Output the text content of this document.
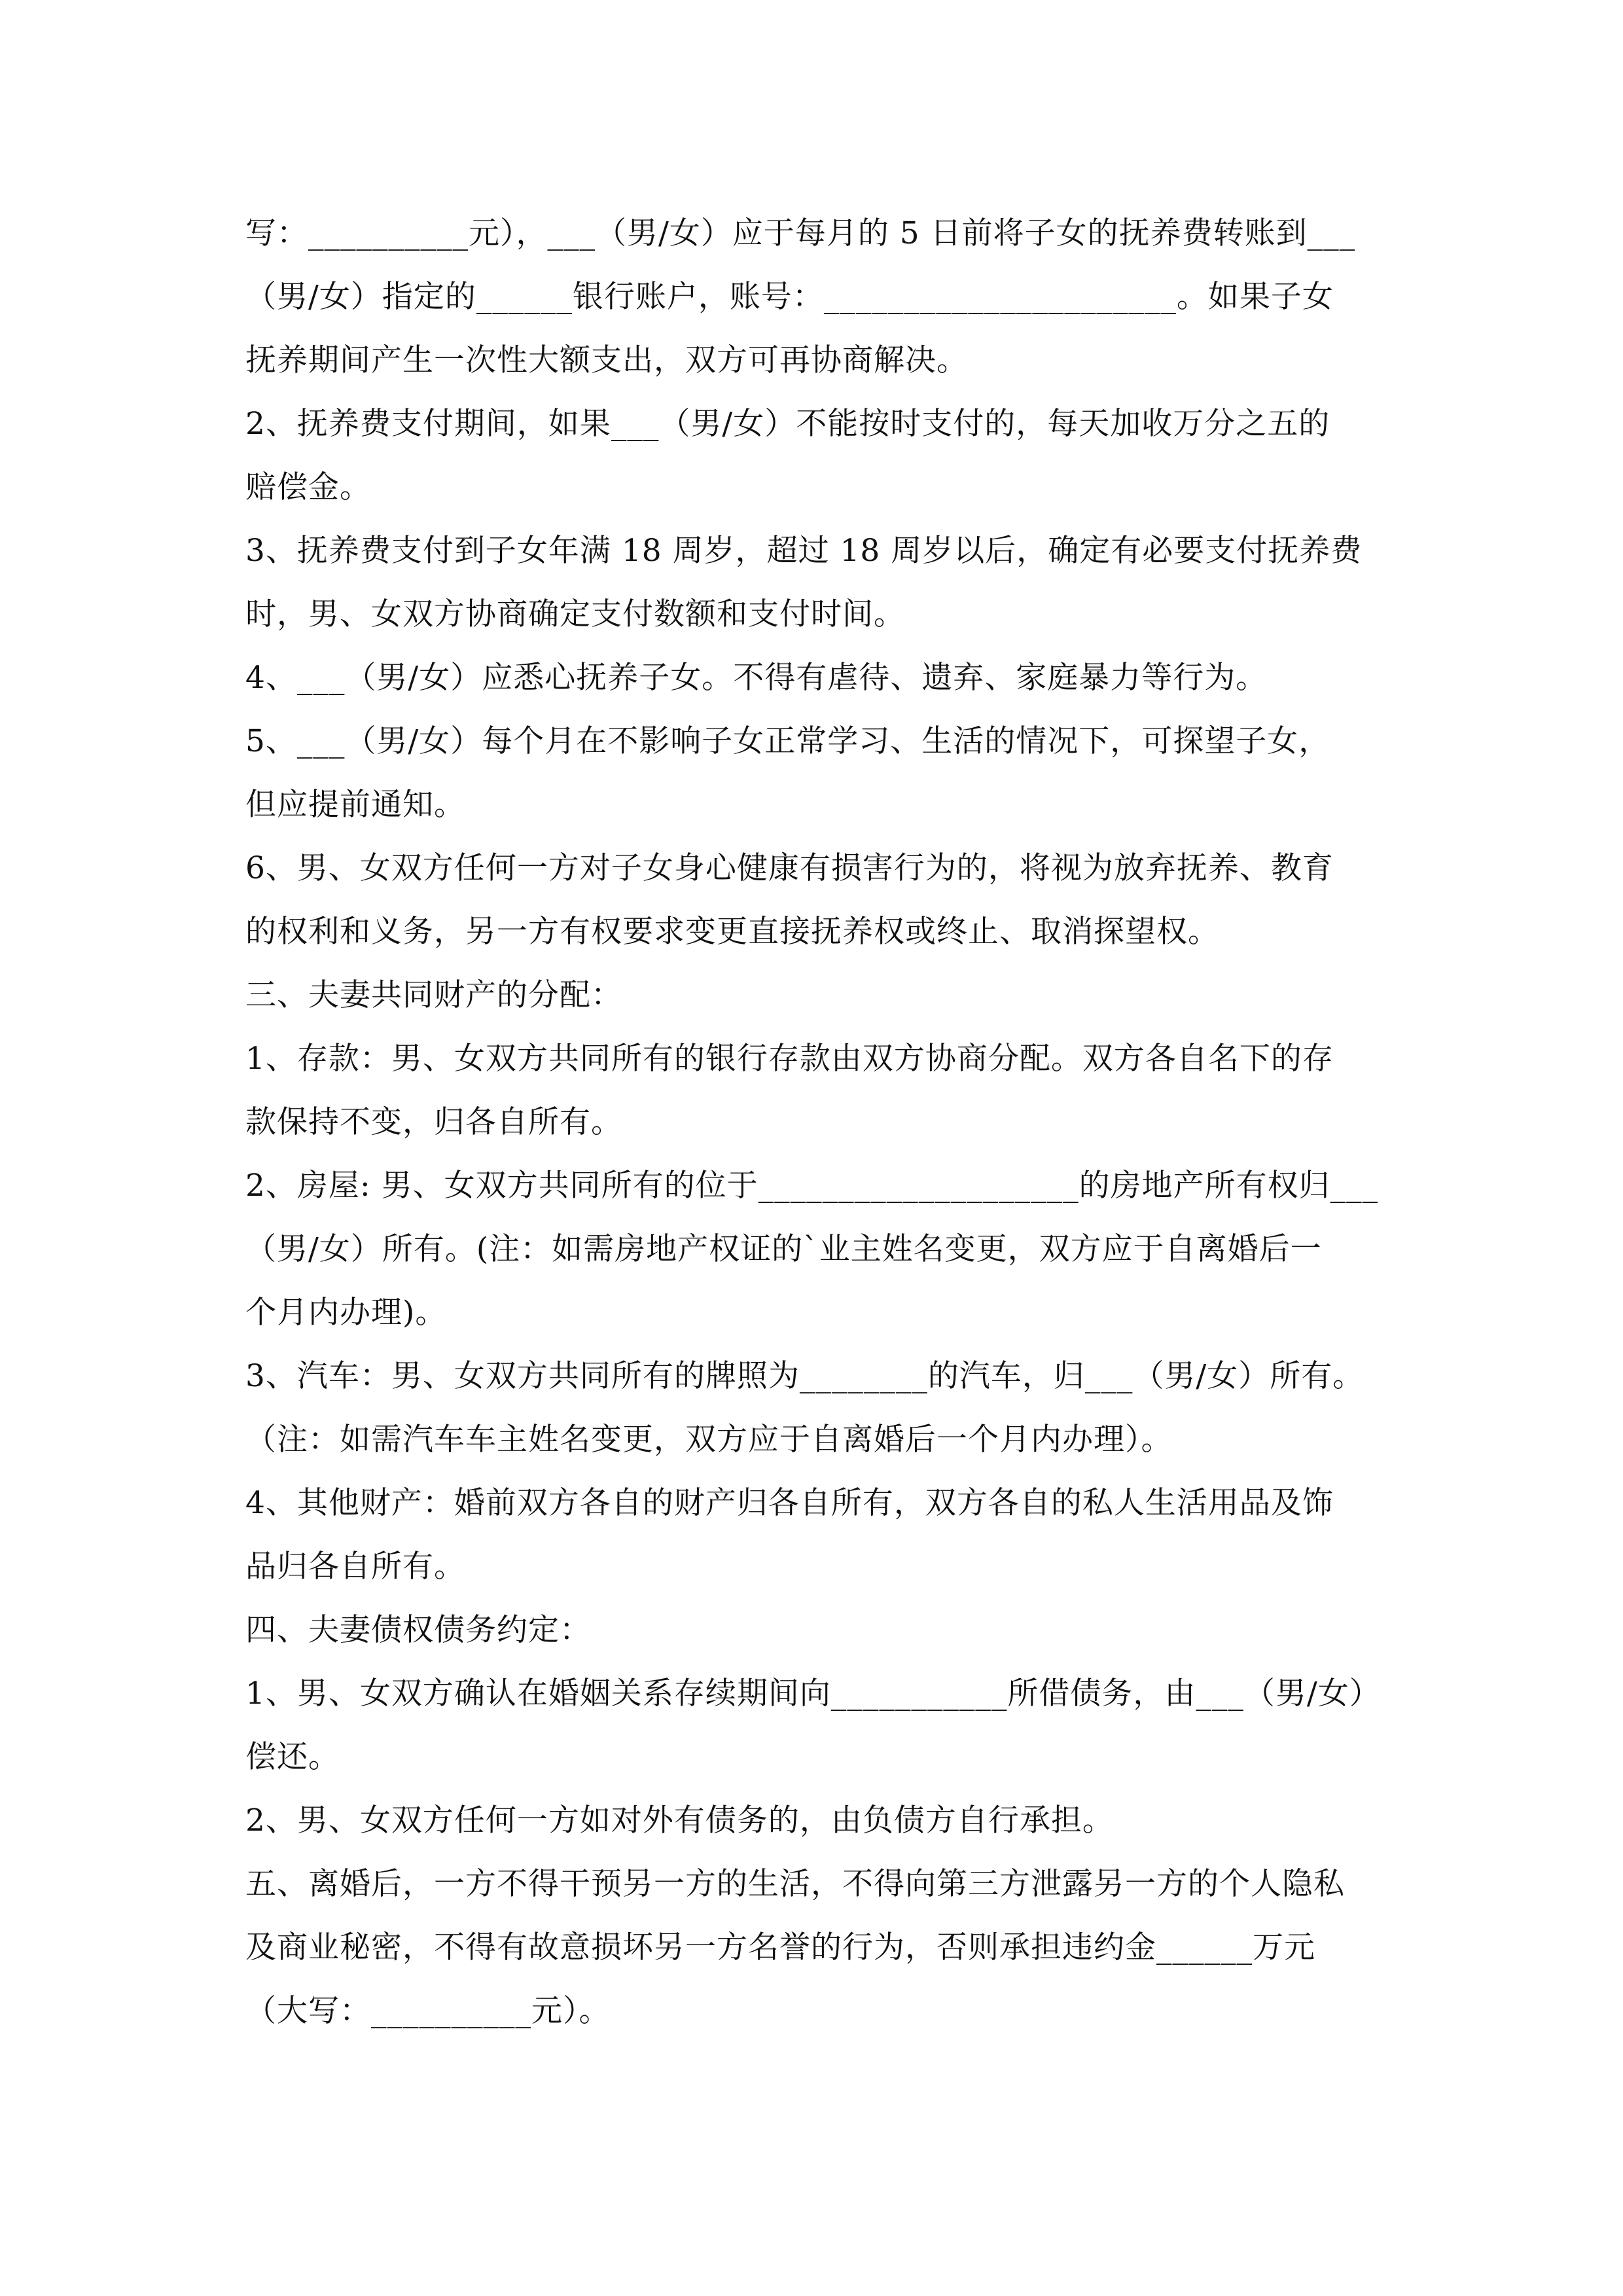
写：__________元），___（男/女）应于每月的 5 日前将子女的抚养费转账到___
（男/女）指定的______银行账户，账号：______________________。如果子女
抚养期间产生一次性大额支出，双方可再协商解决。
2、抚养费支付期间，如果___（男/女）不能按时支付的，每天加收万分之五的
赔偿金。
3、抚养费支付到子女年满 18 周岁，超过 18 周岁以后，确定有必要支付抚养费
时，男、女双方协商确定支付数额和支付时间。
4、___（男/女）应悉心抚养子女。不得有虐待、遗弃、家庭暴力等行为。
5、___（男/女）每个月在不影响子女正常学习、生活的情况下，可探望子女，
但应提前通知。
6、男、女双方任何一方对子女身心健康有损害行为的，将视为放弃抚养、教育
的权利和义务，另一方有权要求变更直接抚养权或终止、取消探望权。
三、夫妻共同财产的分配：
1、存款：男、女双方共同所有的银行存款由双方协商分配。双方各自名下的存
款保持不变，归各自所有。
2、房屋: 男、女双方共同所有的位于____________________的房地产所有权归___
（男/女）所有。(注：如需房地产权证的`业主姓名变更，双方应于自离婚后一
个月内办理)。
3、汽车：男、女双方共同所有的牌照为________的汽车，归___（男/女）所有。
（注：如需汽车车主姓名变更，双方应于自离婚后一个月内办理）。
4、其他财产：婚前双方各自的财产归各自所有，双方各自的私人生活用品及饰
品归各自所有。
四、夫妻债权债务约定：
1、男、女双方确认在婚姻关系存续期间向___________所借债务，由___（男/女）
偿还。
2、男、女双方任何一方如对外有债务的，由负债方自行承担。
五、离婚后，一方不得干预另一方的生活，不得向第三方泄露另一方的个人隐私
及商业秘密，不得有故意损坏另一方名誉的行为，否则承担违约金______万元
（大写：__________元）。
